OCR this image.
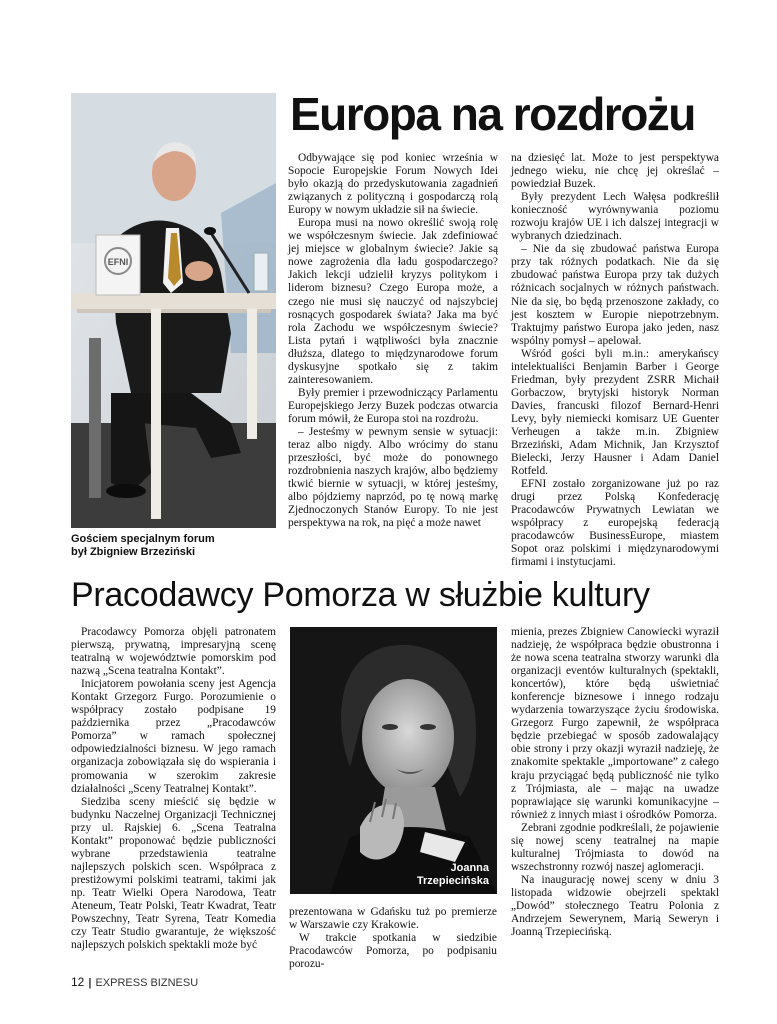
Europa na rozdrożu
EFNI
Gościem specjalnym forum
był Zbigniew Brzeziński

Odbywające się pod koniec września w Sopocie Europejskie Forum Nowych Idei było okazją do przedyskutowania zagadnień związanych z polityczną i gospodarczą rolą Europy w nowym układzie sił na świecie.

Europa musi na nowo określić swoją rolę we współczesnym świecie. Jak zdefiniować jej miejsce w globalnym świecie? Jakie są nowe zagrożenia dla ładu gospodarczego? Jakich lekcji udzielił kryzys politykom i liderom biznesu? Czego Europa może, a czego nie musi się nauczyć od najszybciej rosnących gospodarek świata? Jaka ma być rola Zachodu we współczesnym świecie? Lista pytań i wątpliwości była znacznie dłuższa, dlatego to międzynarodowe forum dyskusyjne spotkało się z takim zainteresowaniem.

Były premier i przewodniczący Parlamentu Europejskiego Jerzy Buzek podczas otwarcia forum mówił, że Europa stoi na rozdrożu.

– Jesteśmy w pewnym sensie w sytuacji: teraz albo nigdy. Albo wrócimy do stanu przeszłości, być może do ponownego rozdrobnienia naszych krajów, albo będziemy tkwić biernie w sytuacji, w której jesteśmy, albo pójdziemy naprzód, po tę nową markę Zjednoczonych Stanów Europy. To nie jest perspektywa na rok, na pięć a może nawet

na dziesięć lat. Może to jest perspektywa jednego wieku, nie chcę jej określać – powiedział Buzek.

Były prezydent Lech Wałęsa podkreślił konieczność wyrównywania poziomu rozwoju krajów UE i ich dalszej integracji w wybranych dziedzinach.

– Nie da się zbudować państwa Europa przy tak różnych podatkach. Nie da się zbudować państwa Europa przy tak dużych różnicach socjalnych w różnych państwach. Nie da się, bo będą przenoszone zakłady, co jest kosztem w Europie niepotrzebnym. Traktujmy państwo Europa jako jeden, nasz wspólny pomysł – apelował.

Wśród gości byli m.in.: amerykańscy intelektualiści Benjamin Barber i George Friedman, były prezydent ZSRR Michaił Gorbaczow, brytyjski historyk Norman Davies, francuski filozof Bernard-Henri Levy, były niemiecki komisarz UE Guenter Verheugen a także m.in. Zbigniew Brzeziński, Adam Michnik, Jan Krzysztof Bielecki, Jerzy Hausner i Adam Daniel Rotfeld.

EFNI zostało zorganizowane już po raz drugi przez Polską Konfederację Pracodawców Prywatnych Lewiatan we współpracy z europejską federacją pracodawców BusinessEurope, miastem Sopot oraz polskimi i międzynarodowymi firmami i instytucjami.

Pracodawcy Pomorza w służbie kultury

Pracodawcy Pomorza objęli patronatem pierwszą, prywatną, impresaryjną scenę teatralną w województwie pomorskim pod nazwą „Scena teatralna Kontakt”.

Inicjatorem powołania sceny jest Agencja Kontakt Grzegorz Furgo. Porozumienie o współpracy zostało podpisane 19 października przez „Pracodawców Pomorza” w ramach społecznej odpowiedzialności biznesu. W jego ramach organizacja zobowiązała się do wspierania i promowania w szerokim zakresie działalności „Sceny Teatralnej Kontakt”.

Siedziba sceny mieścić się będzie w budynku Naczelnej Organizacji Technicznej przy ul. Rajskiej 6. „Scena Teatralna Kontakt” proponować będzie publiczności wybrane przedstawienia teatralne najlepszych polskich scen. Współpraca z prestiżowymi polskimi teatrami, takimi jak np. Teatr Wielki Opera Narodowa, Teatr Ateneum, Teatr Polski, Teatr Kwadrat, Teatr Powszechny, Teatr Syrena, Teatr Komedia czy Teatr Studio gwarantuje, że większość najlepszych polskich spektakli może być

Joanna
Trzepiecińska

prezentowana w Gdańsku tuż po premierze w Warszawie czy Krakowie.

W trakcie spotkania w siedzibie Pracodawców Pomorza, po podpisaniu porozu-

mienia, prezes Zbigniew Canowiecki wyraził nadzieję, że współpraca będzie obustronna i że nowa scena teatralna stworzy warunki dla organizacji eventów kulturalnych (spektakli, koncertów), które będą uświetniać konferencje biznesowe i innego rodzaju wydarzenia towarzyszące życiu środowiska. Grzegorz Furgo zapewnił, że współpraca będzie przebiegać w sposób zadowalający obie strony i przy okazji wyraził nadzieję, że znakomite spektakle „importowane” z całego kraju przyciągać będą publiczność nie tylko z Trójmiasta, ale – mając na uwadze poprawiające się warunki komunikacyjne – również z innych miast i ośrodków Pomorza.

Zebrani zgodnie podkreślali, że pojawienie się nowej sceny teatralnej na mapie kulturalnej Trójmiasta to dowód na wszechstronny rozwój naszej aglomeracji.

Na inaugurację nowej sceny w dniu 3 listopada widzowie obejrzeli spektakl „Dowód” stołecznego Teatru Polonia z Andrzejem Sewerynem, Marią Seweryn i Joanną Trzepiecińską.

12 | EXPRESS BIZNESU
